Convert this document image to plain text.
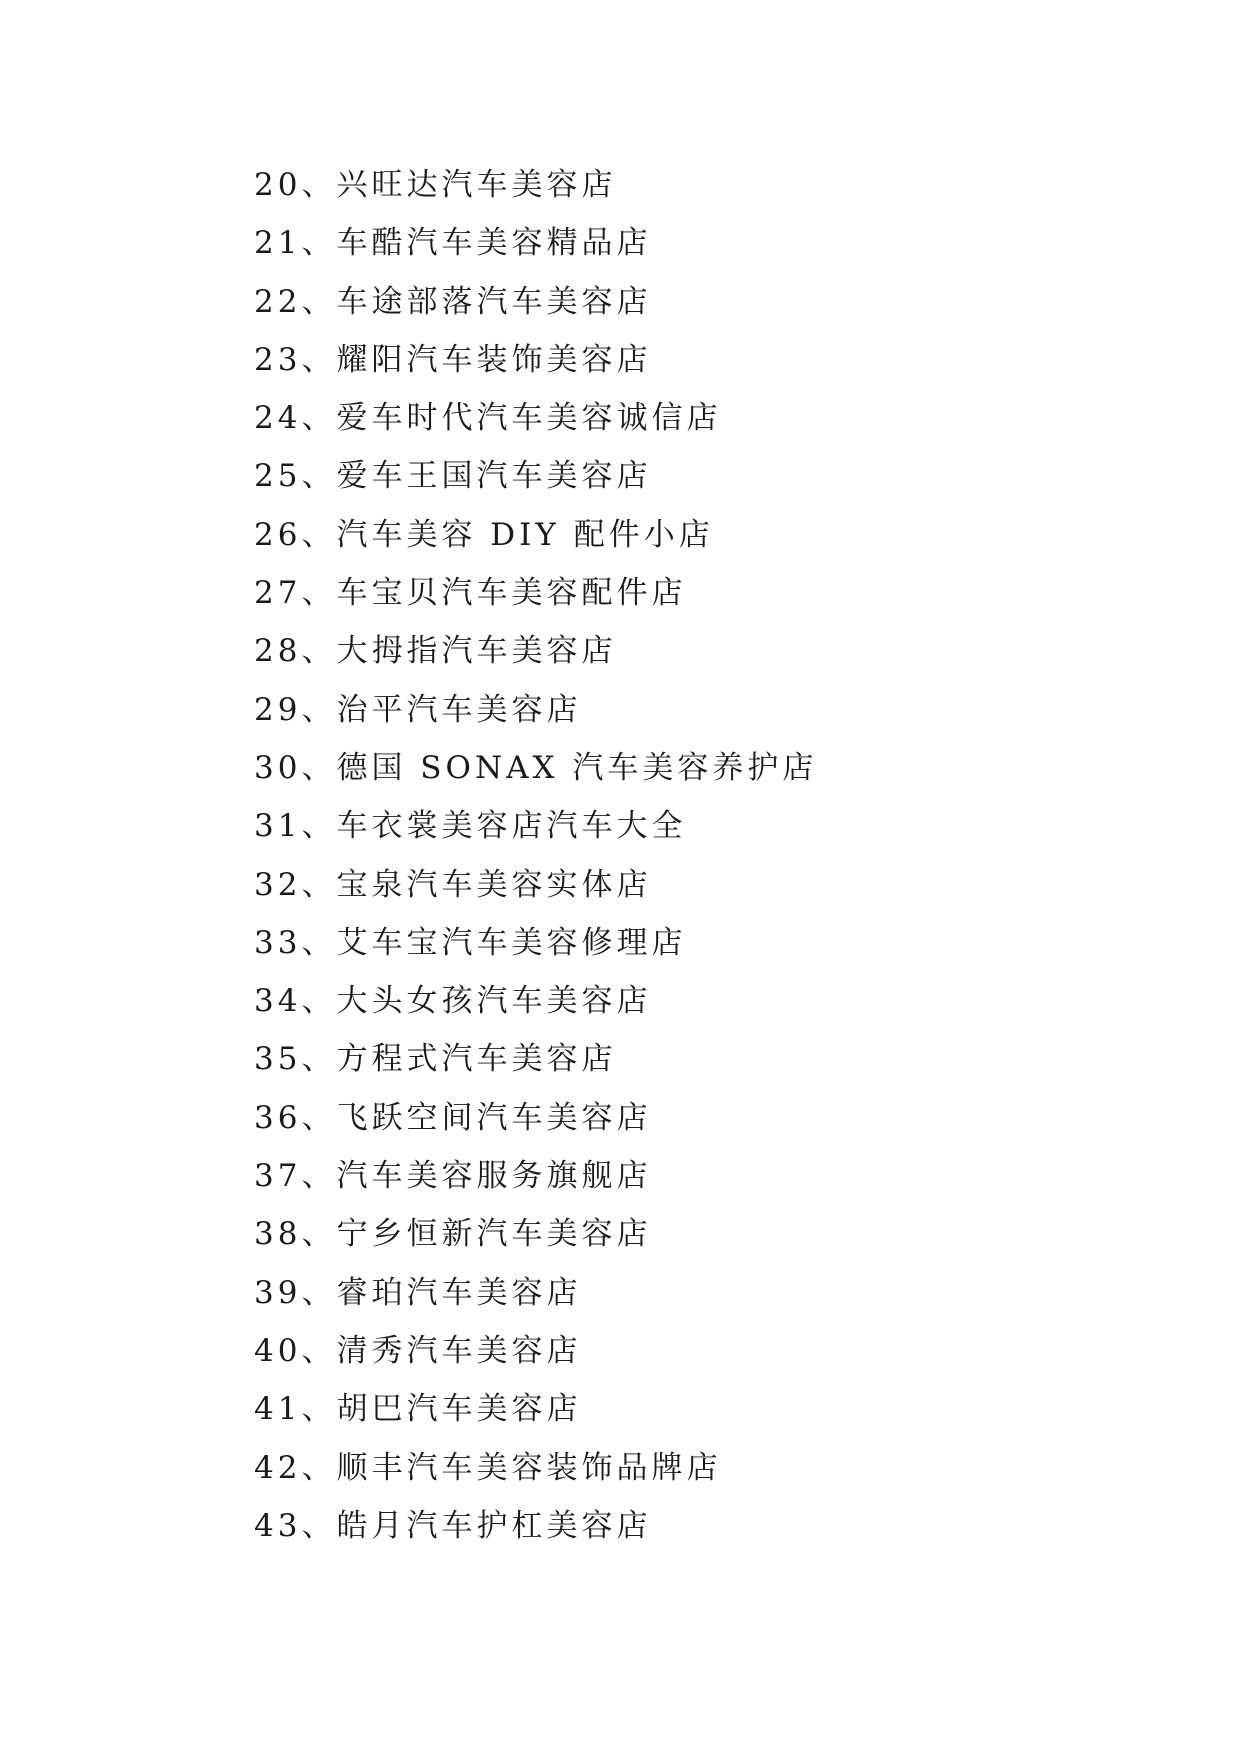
20、兴旺达汽车美容店
21、车酷汽车美容精品店
22、车途部落汽车美容店
23、耀阳汽车装饰美容店
24、爱车时代汽车美容诚信店
25、爱车王国汽车美容店
26、汽车美容 DIY 配件小店
27、车宝贝汽车美容配件店
28、大拇指汽车美容店
29、治平汽车美容店
30、德国 SONAX 汽车美容养护店
31、车衣裳美容店汽车大全
32、宝泉汽车美容实体店
33、艾车宝汽车美容修理店
34、大头女孩汽车美容店
35、方程式汽车美容店
36、飞跃空间汽车美容店
37、汽车美容服务旗舰店
38、宁乡恒新汽车美容店
39、睿珀汽车美容店
40、清秀汽车美容店
41、胡巴汽车美容店
42、顺丰汽车美容装饰品牌店
43、皓月汽车护杠美容店
